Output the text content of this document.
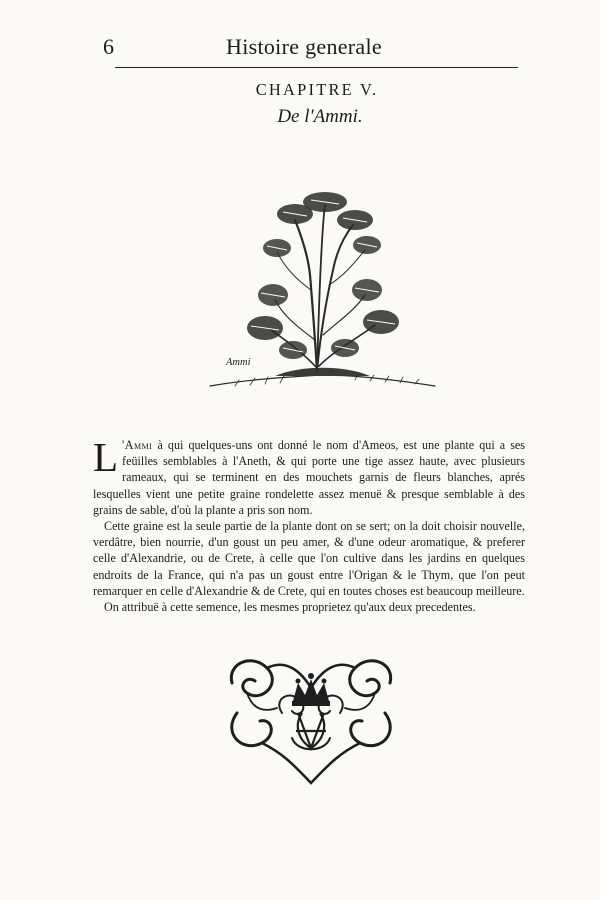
6	Histoire generale
CHAPITRE V.
De l'Ammi.
Ammi

L 'Ammi à qui quelques-uns ont donné le nom d'Ameos, est une plante qui a ses feüilles semblables à l'Aneth, & qui porte une tige assez haute, avec plusieurs rameaux, qui se terminent en des mouchets garnis de fleurs blanches, aprés lesquelles vient une petite graine rondelette assez menuë & presque semblable à des grains de sable, d'où la plante a pris son nom.

Cette graine est la seule partie de la plante dont on se sert; on la doit choisir nouvelle, verdâtre, bien nourrie, d'un goust un peu amer, & d'une odeur aromatique, & preferer celle d'Alexandrie, ou de Crete, à celle que l'on cultive dans les jardins en quelques endroits de la France, qui n'a pas un goust entre l'Origan & le Thym, que l'on peut remarquer en celle d'Alexandrie & de Crete, qui en toutes choses est beaucoup meilleure.

On attribuë à cette semence, les mesmes proprietez qu'aux deux precedentes.
